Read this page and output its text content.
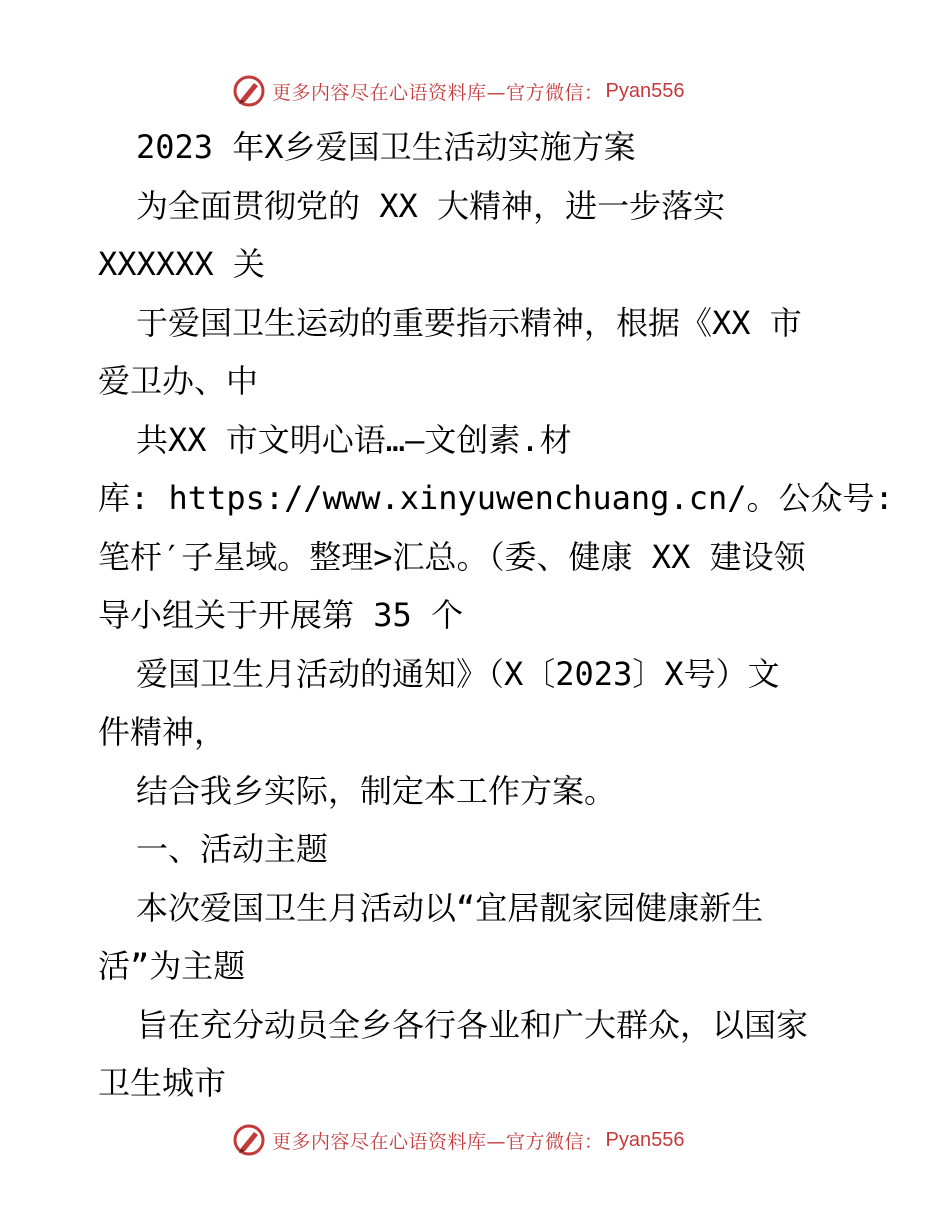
更多内容尽在心语资料库—官方微信： Pyan556
2023 年X乡爱国卫生活动实施方案
为全面贯彻党的 XX 大精神，进一步落实
XXXXXX 关
于爱国卫生运动的重要指示精神，根据《XX 市
爱卫办、中
共XX 市文明心语…—文创素.材
库: https://www.xinyuwenchuang.cn/。公众号:
笔杆′子星域。整理>汇总。（委、健康 XX 建设领
导小组关于开展第 35 个
爱国卫生月活动的通知》（X〔2023〕X号）文
件精神，
结合我乡实际，制定本工作方案。
一、活动主题
本次爱国卫生月活动以“宜居靓家园健康新生
活”为主题
旨在充分动员全乡各行各业和广大群众，以国家
卫生城市
更多内容尽在心语资料库—官方微信： Pyan556
